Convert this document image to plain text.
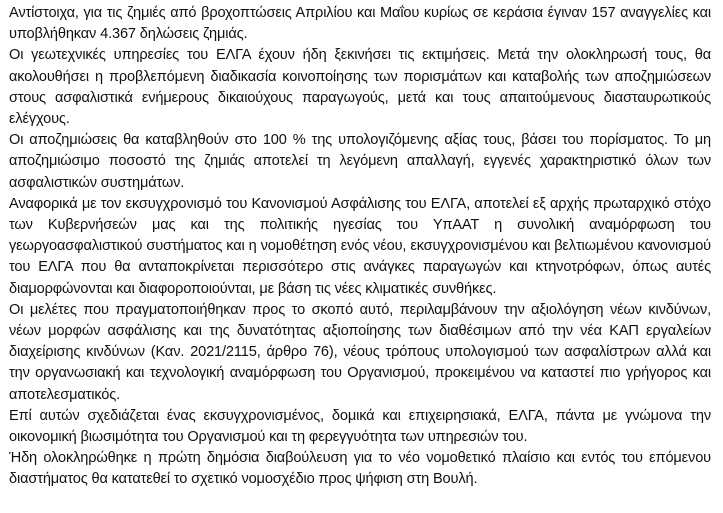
Αντίστοιχα, για τις ζημιές από βροχοπτώσεις Απριλίου και Μαΐου κυρίως σε κεράσια έγιναν 157 αναγγελίες και υποβλήθηκαν 4.367 δηλώσεις ζημιάς.

Οι γεωτεχνικές υπηρεσίες του ΕΛΓΑ έχουν ήδη ξεκινήσει τις εκτιμήσεις. Μετά την ολοκληρωσή τους, θα ακολουθήσει η προβλεπόμενη διαδικασία κοινοποίησης των πορισμάτων και καταβολής των αποζημιώσεων στους ασφαλιστικά ενήμερους δικαιούχους παραγωγούς, μετά και τους απαιτούμενους διασταυρωτικούς ελέγχους.

Οι αποζημιώσεις θα καταβληθούν στο 100 % της υπολογιζόμενης αξίας τους, βάσει του πορίσματος. Το μη αποζημιώσιμο ποσοστό της ζημιάς αποτελεί τη λεγόμενη απαλλαγή, εγγενές χαρακτηριστικό όλων των ασφαλιστικών συστημάτων.

Αναφορικά με τον εκσυγχρονισμό του Κανονισμού Ασφάλισης του ΕΛΓΑ, αποτελεί εξ αρχής πρωταρχικό στόχο των Κυβερνήσεών μας και της πολιτικής ηγεσίας του ΥπΑΑΤ η συνολική αναμόρφωση του γεωργοασφαλιστικού συστήματος και η νομοθέτηση ενός νέου, εκσυγχρονισμένου και βελτιωμένου κανονισμού του ΕΛΓΑ που θα ανταποκρίνεται περισσότερο στις ανάγκες παραγωγών και κτηνοτρόφων, όπως αυτές διαμορφώνονται και διαφοροποιούνται, με βάση τις νέες κλιματικές συνθήκες.

Οι μελέτες που πραγματοποιήθηκαν προς το σκοπό αυτό, περιλαμβάνουν την αξιολόγηση νέων κινδύνων, νέων μορφών ασφάλισης και της δυνατότητας αξιοποίησης των διαθέσιμων από την νέα ΚΑΠ εργαλείων διαχείρισης κινδύνων (Καν. 2021/2115, άρθρο 76), νέους τρόπους υπολογισμού των ασφαλίστρων αλλά και την οργανωσιακή και τεχνολογική αναμόρφωση του Οργανισμού, προκειμένου να καταστεί πιο γρήγορος και αποτελεσματικός.

Επί αυτών σχεδιάζεται ένας εκσυγχρονισμένος, δομικά και επιχειρησιακά, ΕΛΓΑ, πάντα με γνώμονα την οικονομική βιωσιμότητα του Οργανισμού και τη φερεγγυότητα των υπηρεσιών του.

Ήδη ολοκληρώθηκε η πρώτη δημόσια διαβούλευση για το νέο νομοθετικό πλαίσιο και εντός του επόμενου διαστήματος θα κατατεθεί το σχετικό νομοσχέδιο προς ψήφιση στη Βουλή.
